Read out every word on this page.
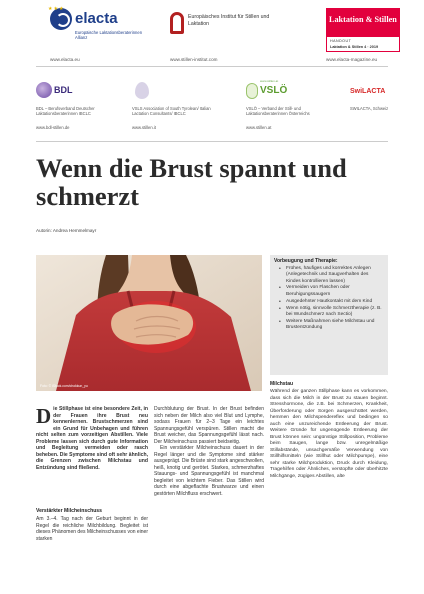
★★★
elacta
Europäische Laktationsberaterinnen Allianz
www.elacta.eu
Europäisches Institut für Stillen und Laktation
www.stillen-institut.com
Laktation & Stillen
HANDOUT
Laktation & Stillen 4 · 2019
www.elacta-magazine.eu
BDL
BDL – Berufsverband Deutscher Laktationsberaterinnen IBCLC
www.bdl-stillen.de
VSLS Association of South Tyrolean/ Italian Lactation Consultants/ IBCLC
www.stillen.it
www.stillen.at
VSLÖ
VSLÖ – Verband der Still- und Laktationsberaterinnen Österreichs
www.stillen.at
SwiLACTA
SWILACTA, Schweiz
Wenn die Brust spannt und schmerzt
Autorin: Andrea Hemmelmayr
Foto: © iStock.com/chokkun_yu
Vorbeugung und Therapie:
• Frühes, häufiges und korrektes Anlegen (Anlegetechnik und Saugverhalten des Kindes kontrollieren lassen)
• Vermeiden von Flaschen oder Beruhigungssaugern
• Ausgedehnter Hautkontakt mit dem Kind
• Wenn nötig, sinnvolle Schmerztherapie (z. B. bei Wundschmerz nach Sectio)
• Weitere Maßnahmen siehe Milchstau und Brustentzündung
Milchstau
Während der ganzen Stillphase kann es vorkommen, dass sich die Milch in der Brust zu stauen beginnt. Stresshormone, die z.B. bei Schmerzen, Krankheit, Überforderung oder Sorgen ausgeschüttet werden, hemmen den Milchspendereflex und bedingen so auch eine unzureichende Entleerung der Brust. Weitere Gründe für ungenügende Entleerung der Brust können sein: ungünstige Stillposition, Probleme beim Saugen, lange bzw. unregelmäßige Stillabstände, unsachgemäße Verwendung von Stillhilfsmitteln (wie Stillhut oder Milchpumpe), eine sehr starke Milchproduktion, Druck durch Kleidung, Tragehilfen oder Ähnliches, verstopfte oder überhitzte Milchgänge, zügiges Abstillen, alte
D ie Stillphase ist eine besondere Zeit, in der Frauen ihre Brust neu kennenlernen. Brustschmerzen sind ein Grund für Unbehagen und führen nicht selten zum vorzeitigen Abstillen. Viele Probleme lassen sich durch gute Information und Begleitung vermeiden oder rasch beheben. Die Symptome sind oft sehr ähnlich, die Grenzen zwischen Milchstau und Entzündung sind fließend.
Verstärkter Milcheinschuss
Am 3.–4. Tag nach der Geburt beginnt in der Regel die reichliche Milchbildung. Begleitet ist dieses Phänomen des Milcheinschusses von einer starken

Durchblutung der Brust. In der Brust befinden sich neben der Milch also viel Blut und Lymphe, sodass Frauen für 2–3 Tage ein leichtes Spannungsgefühl verspüren. Stillen macht die Brust weicher, das Spannungsgefühl lässt nach. Der Milcheinschuss passiert beidseitig.

Ein verstärkter Milcheinschuss dauert in der Regel länger und die Symptome sind stärker ausgeprägt. Die Brüste sind stark angeschwollen, heiß, knotig und gerötet. Starkes, schmerzhaftes Stauungs- und Spannungsgefühl ist manchmal begleitet von leichtem Fieber. Das Stillen wird durch eine abgeflachte Brustwarze und einen gestörten Milchfluss erschwert.
